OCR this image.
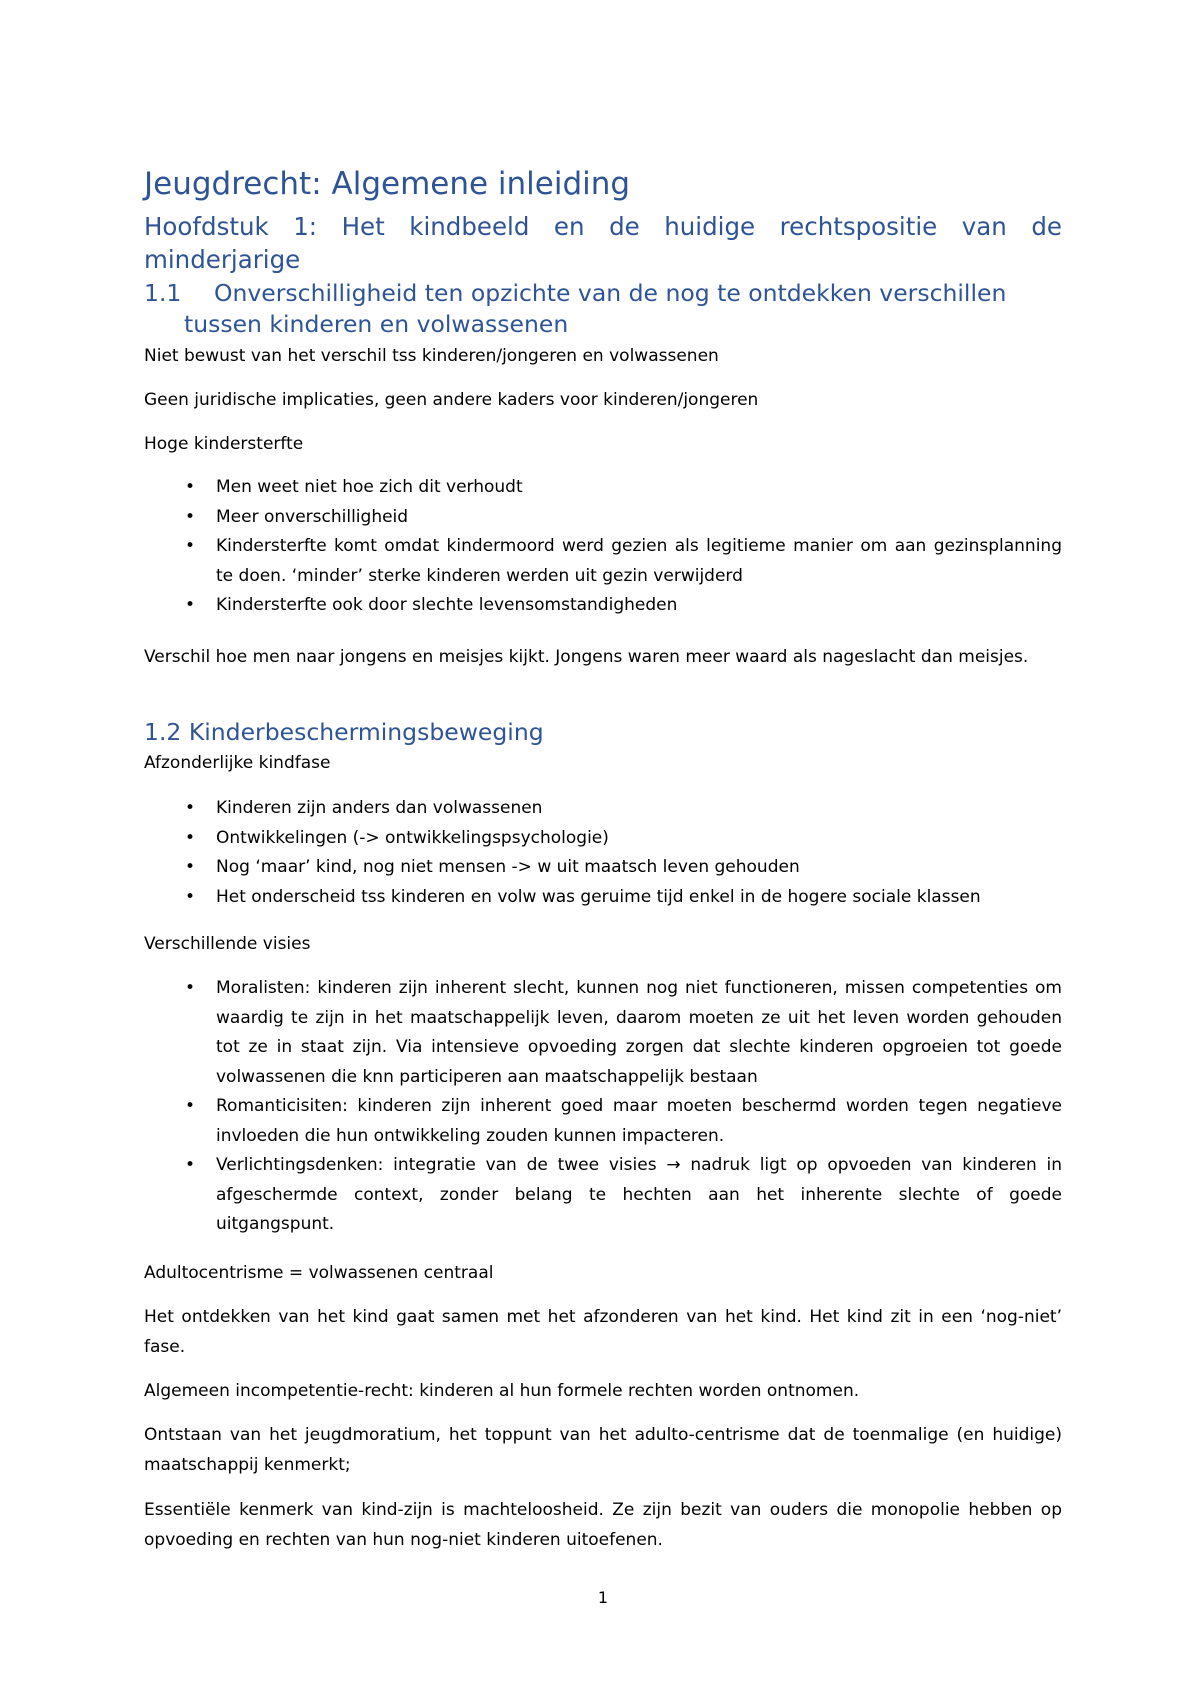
Jeugdrecht: Algemene inleiding
Hoofdstuk 1: Het kindbeeld en de huidige rechtspositie van de minderjarige
1.1 Onverschilligheid ten opzichte van de nog te ontdekken verschillen
tussen kinderen en volwassenen

Niet bewust van het verschil tss kinderen/jongeren en volwassenen

Geen juridische implicaties, geen andere kaders voor kinderen/jongeren

Hoge kindersterfte

• Men weet niet hoe zich dit verhoudt
• Meer onverschilligheid
• Kindersterfte komt omdat kindermoord werd gezien als legitieme manier om aan gezinsplanning te doen. ‘minder’ sterke kinderen werden uit gezin verwijderd
• Kindersterfte ook door slechte levensomstandigheden

Verschil hoe men naar jongens en meisjes kijkt. Jongens waren meer waard als nageslacht dan meisjes.

1.2 Kinderbeschermingsbeweging

Afzonderlijke kindfase

• Kinderen zijn anders dan volwassenen
• Ontwikkelingen (-> ontwikkelingspsychologie)
• Nog ‘maar’ kind, nog niet mensen -> w uit maatsch leven gehouden
• Het onderscheid tss kinderen en volw was geruime tijd enkel in de hogere sociale klassen

Verschillende visies

• Moralisten: kinderen zijn inherent slecht, kunnen nog niet functioneren, missen competenties om waardig te zijn in het maatschappelijk leven, daarom moeten ze uit het leven worden gehouden tot ze in staat zijn. Via intensieve opvoeding zorgen dat slechte kinderen opgroeien tot goede volwassenen die knn participeren aan maatschappelijk bestaan
• Romanticisiten: kinderen zijn inherent goed maar moeten beschermd worden tegen negatieve invloeden die hun ontwikkeling zouden kunnen impacteren.
• Verlichtingsdenken: integratie van de twee visies → nadruk ligt op opvoeden van kinderen in afgeschermde context, zonder belang te hechten aan het inherente slechte of goede uitgangspunt.

Adultocentrisme = volwassenen centraal

Het ontdekken van het kind gaat samen met het afzonderen van het kind. Het kind zit in een ‘nog-niet’ fase.

Algemeen incompetentie-recht: kinderen al hun formele rechten worden ontnomen.

Ontstaan van het jeugdmoratium, het toppunt van het adulto-centrisme dat de toenmalige (en huidige) maatschappij kenmerkt;

Essentiële kenmerk van kind-zijn is machteloosheid. Ze zijn bezit van ouders die monopolie hebben op opvoeding en rechten van hun nog-niet kinderen uitoefenen.

1
